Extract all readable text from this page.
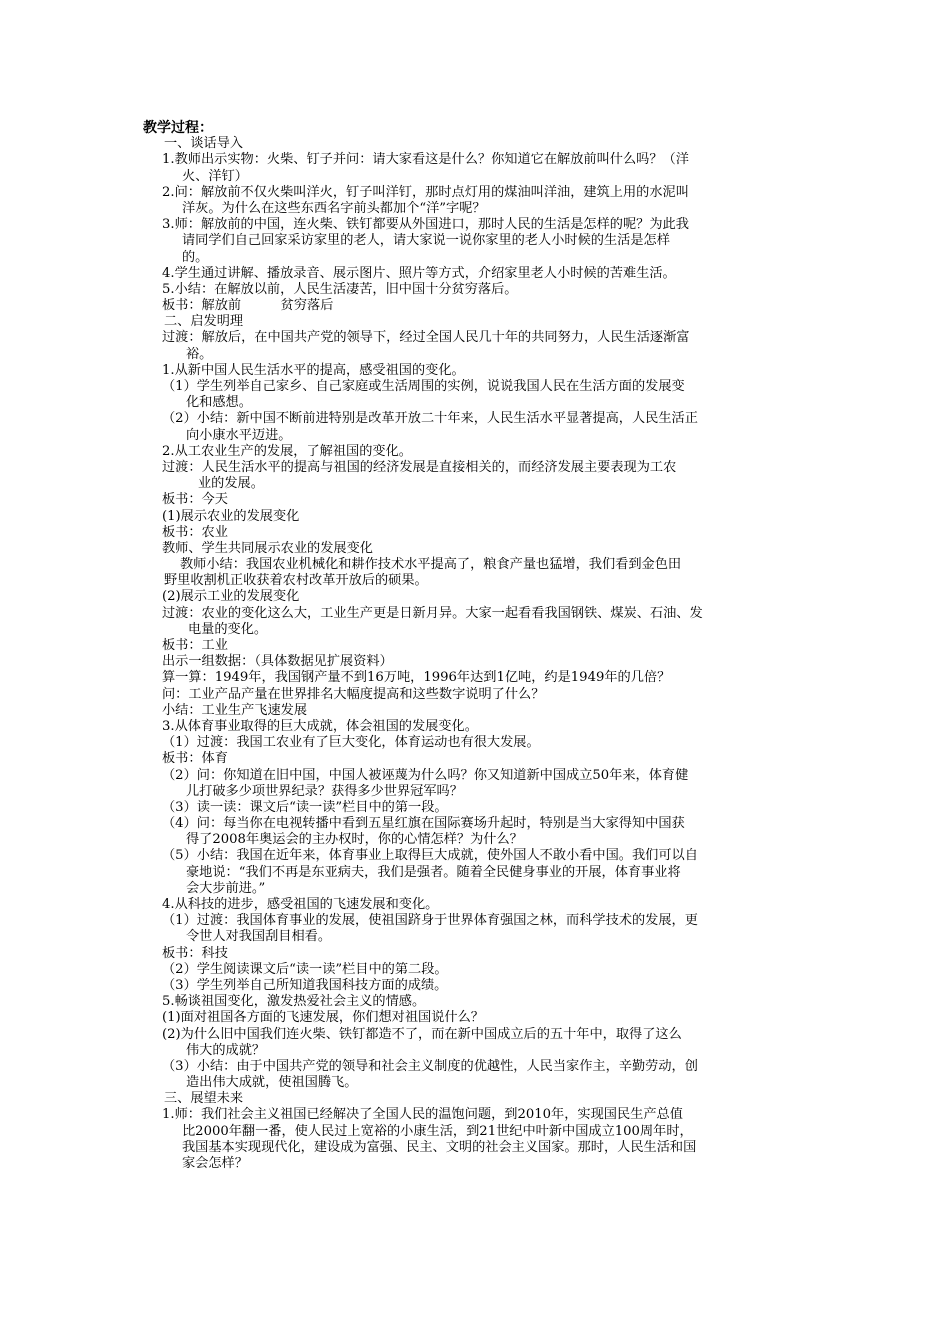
教学过程：
一、谈话导入
1.教师出示实物：火柴、钉子并问：请大家看这是什么？你知道它在解放前叫什么吗？（洋
火、洋钉）
2.问：解放前不仅火柴叫洋火，钉子叫洋钉，那时点灯用的煤油叫洋油，建筑上用的水泥叫
洋灰。为什么在这些东西名字前头都加个“洋”字呢？
3.师：解放前的中国，连火柴、铁钉都要从外国进口，那时人民的生活是怎样的呢？为此我
请同学们自己回家采访家里的老人，请大家说一说你家里的老人小时候的生活是怎样
的。
4.学生通过讲解、播放录音、展示图片、照片等方式，介绍家里老人小时候的苦难生活。
5.小结：在解放以前，人民生活凄苦，旧中国十分贫穷落后。
板书：解放前　　　贫穷落后
二、启发明理
过渡：解放后，在中国共产党的领导下，经过全国人民几十年的共同努力，人民生活逐渐富
裕。
1.从新中国人民生活水平的提高，感受祖国的变化。
（1）学生列举自己家乡、自己家庭或生活周围的实例，说说我国人民在生活方面的发展变
化和感想。
（2）小结：新中国不断前进特别是改革开放二十年来，人民生活水平显著提高，人民生活正
向小康水平迈进。
2.从工农业生产的发展，了解祖国的变化。
过渡：人民生活水平的提高与祖国的经济发展是直接相关的，而经济发展主要表现为工农
业的发展。
板书：今天
(1)展示农业的发展变化
板书：农业
教师、学生共同展示农业的发展变化
教师小结：我国农业机械化和耕作技术水平提高了，粮食产量也猛增，我们看到金色田
野里收割机正收获着农村改革开放后的硕果。
(2)展示工业的发展变化
过渡：农业的变化这么大，工业生产更是日新月异。大家一起看看我国钢铁、煤炭、石油、发
电量的变化。
板书：工业
出示一组数据：（具体数据见扩展资料）
算一算：1949年，我国钢产量不到16万吨，1996年达到1亿吨，约是1949年的几倍？
问：工业产品产量在世界排名大幅度提高和这些数字说明了什么？
小结：工业生产飞速发展
3.从体育事业取得的巨大成就，体会祖国的发展变化。
（1）过渡：我国工农业有了巨大变化，体育运动也有很大发展。
板书：体育
（2）问：你知道在旧中国，中国人被诬蔑为什么吗？你又知道新中国成立50年来，体育健
儿打破多少项世界纪录？获得多少世界冠军吗？
（3）读一读：课文后“读一读”栏目中的第一段。
（4）问：每当你在电视转播中看到五星红旗在国际赛场升起时，特别是当大家得知中国获
得了2008年奥运会的主办权时，你的心情怎样？为什么？
（5）小结：我国在近年来，体育事业上取得巨大成就，使外国人不敢小看中国。我们可以自
豪地说：“我们不再是东亚病夫，我们是强者。随着全民健身事业的开展，体育事业将
会大步前进。”
4.从科技的进步，感受祖国的飞速发展和变化。
（1）过渡：我国体育事业的发展，使祖国跻身于世界体育强国之林，而科学技术的发展，更
令世人对我国刮目相看。
板书：科技
（2）学生阅读课文后“读一读”栏目中的第二段。
（3）学生列举自己所知道我国科技方面的成绩。
5.畅谈祖国变化，激发热爱社会主义的情感。
(1)面对祖国各方面的飞速发展，你们想对祖国说什么？
(2)为什么旧中国我们连火柴、铁钉都造不了，而在新中国成立后的五十年中，取得了这么
伟大的成就？
（3）小结：由于中国共产党的领导和社会主义制度的优越性，人民当家作主，辛勤劳动，创
造出伟大成就，使祖国腾飞。
三、展望未来
1.师：我们社会主义祖国已经解决了全国人民的温饱问题，到2010年，实现国民生产总值
比2000年翻一番，使人民过上宽裕的小康生活，到21世纪中叶新中国成立100周年时，
我国基本实现现代化，建设成为富强、民主、文明的社会主义国家。那时，人民生活和国
家会怎样？
